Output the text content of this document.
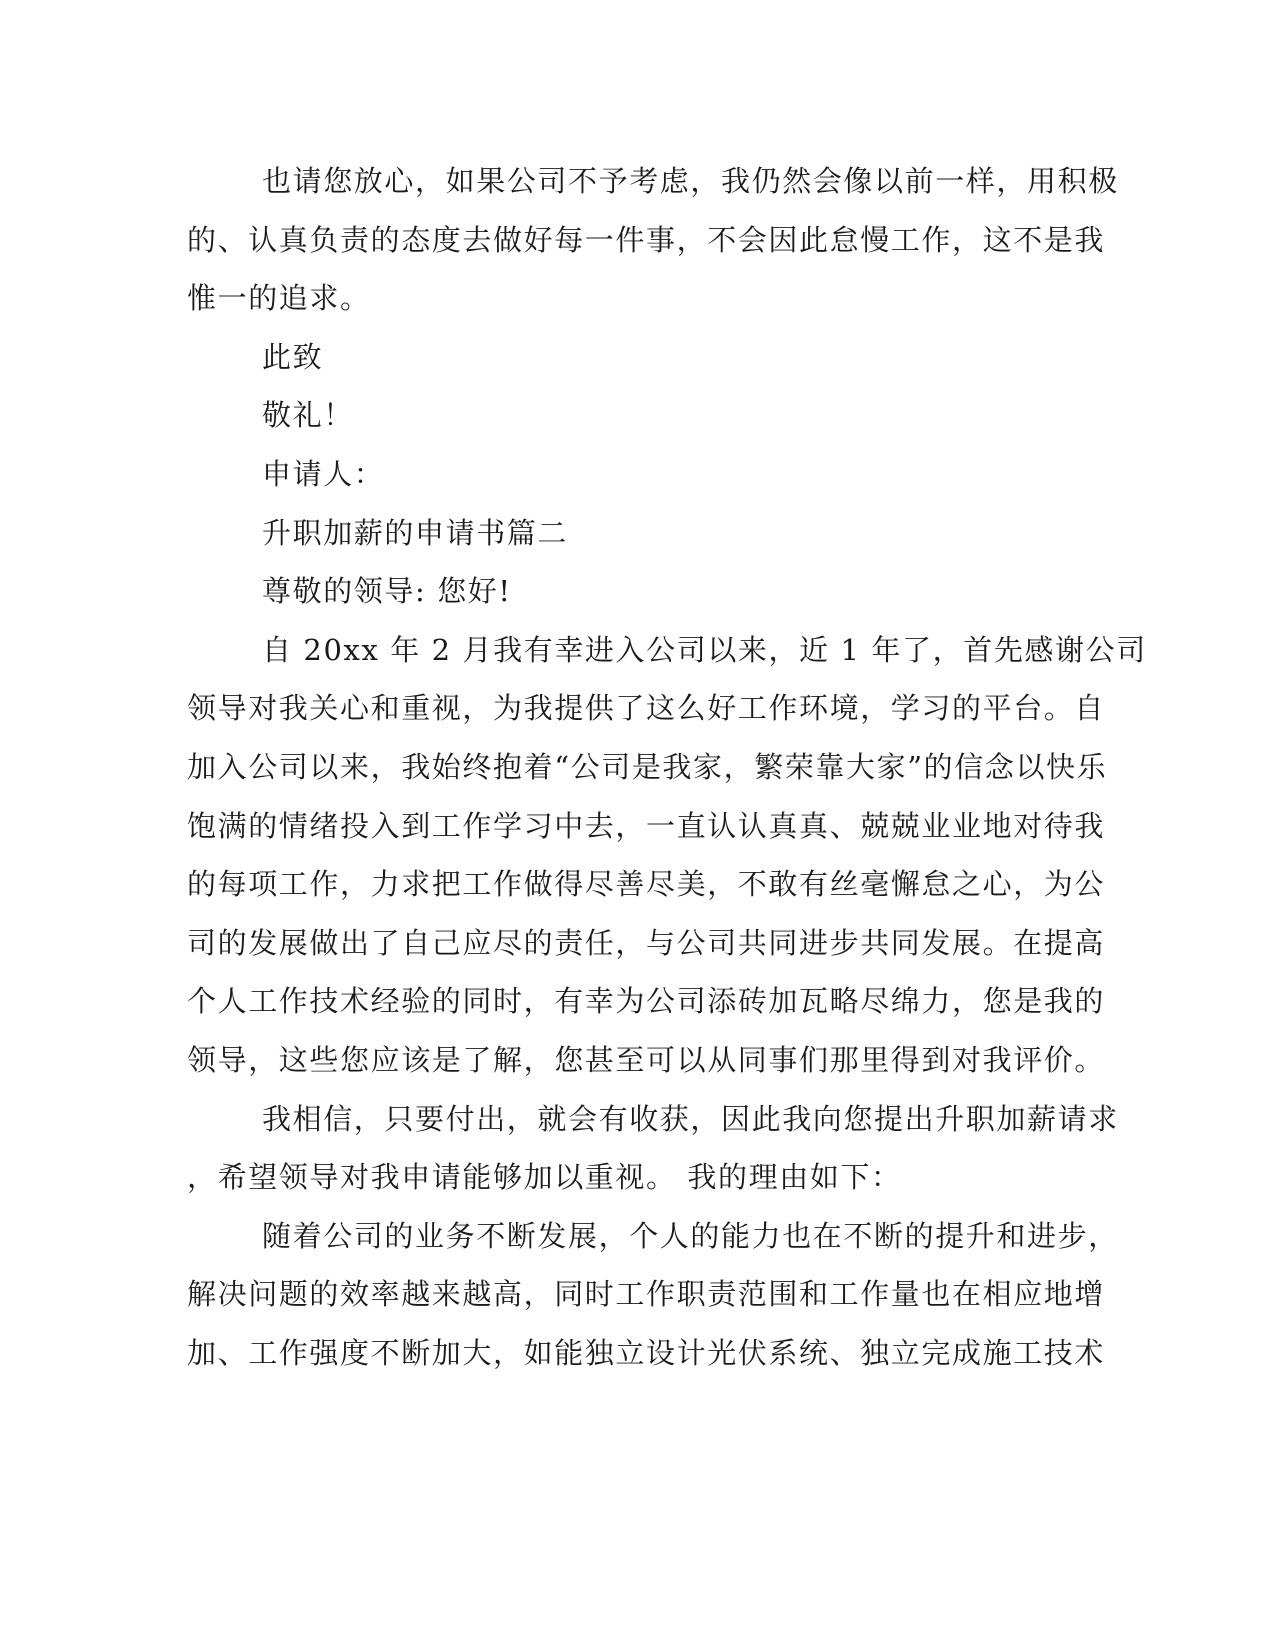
也请您放心，如果公司不予考虑，我仍然会像以前一样，用积极
的、认真负责的态度去做好每一件事，不会因此怠慢工作，这不是我
惟一的追求。
此致
敬礼！
申请人：
升职加薪的申请书篇二
尊敬的领导: 您好!
自 20xx 年 2 月我有幸进入公司以来，近 1 年了，首先感谢公司
领导对我关心和重视，为我提供了这么好工作环境，学习的平台。自
加入公司以来，我始终抱着“公司是我家，繁荣靠大家”的信念以快乐
饱满的情绪投入到工作学习中去，一直认认真真、兢兢业业地对待我
的每项工作，力求把工作做得尽善尽美，不敢有丝毫懈怠之心，为公
司的发展做出了自己应尽的责任，与公司共同进步共同发展。在提高
个人工作技术经验的同时，有幸为公司添砖加瓦略尽绵力，您是我的
领导，这些您应该是了解，您甚至可以从同事们那里得到对我评价。
我相信，只要付出，就会有收获，因此我向您提出升职加薪请求
，希望领导对我申请能够加以重视。 我的理由如下：
随着公司的业务不断发展，个人的能力也在不断的提升和进步，
解决问题的效率越来越高，同时工作职责范围和工作量也在相应地增
加、工作强度不断加大，如能独立设计光伏系统、独立完成施工技术
